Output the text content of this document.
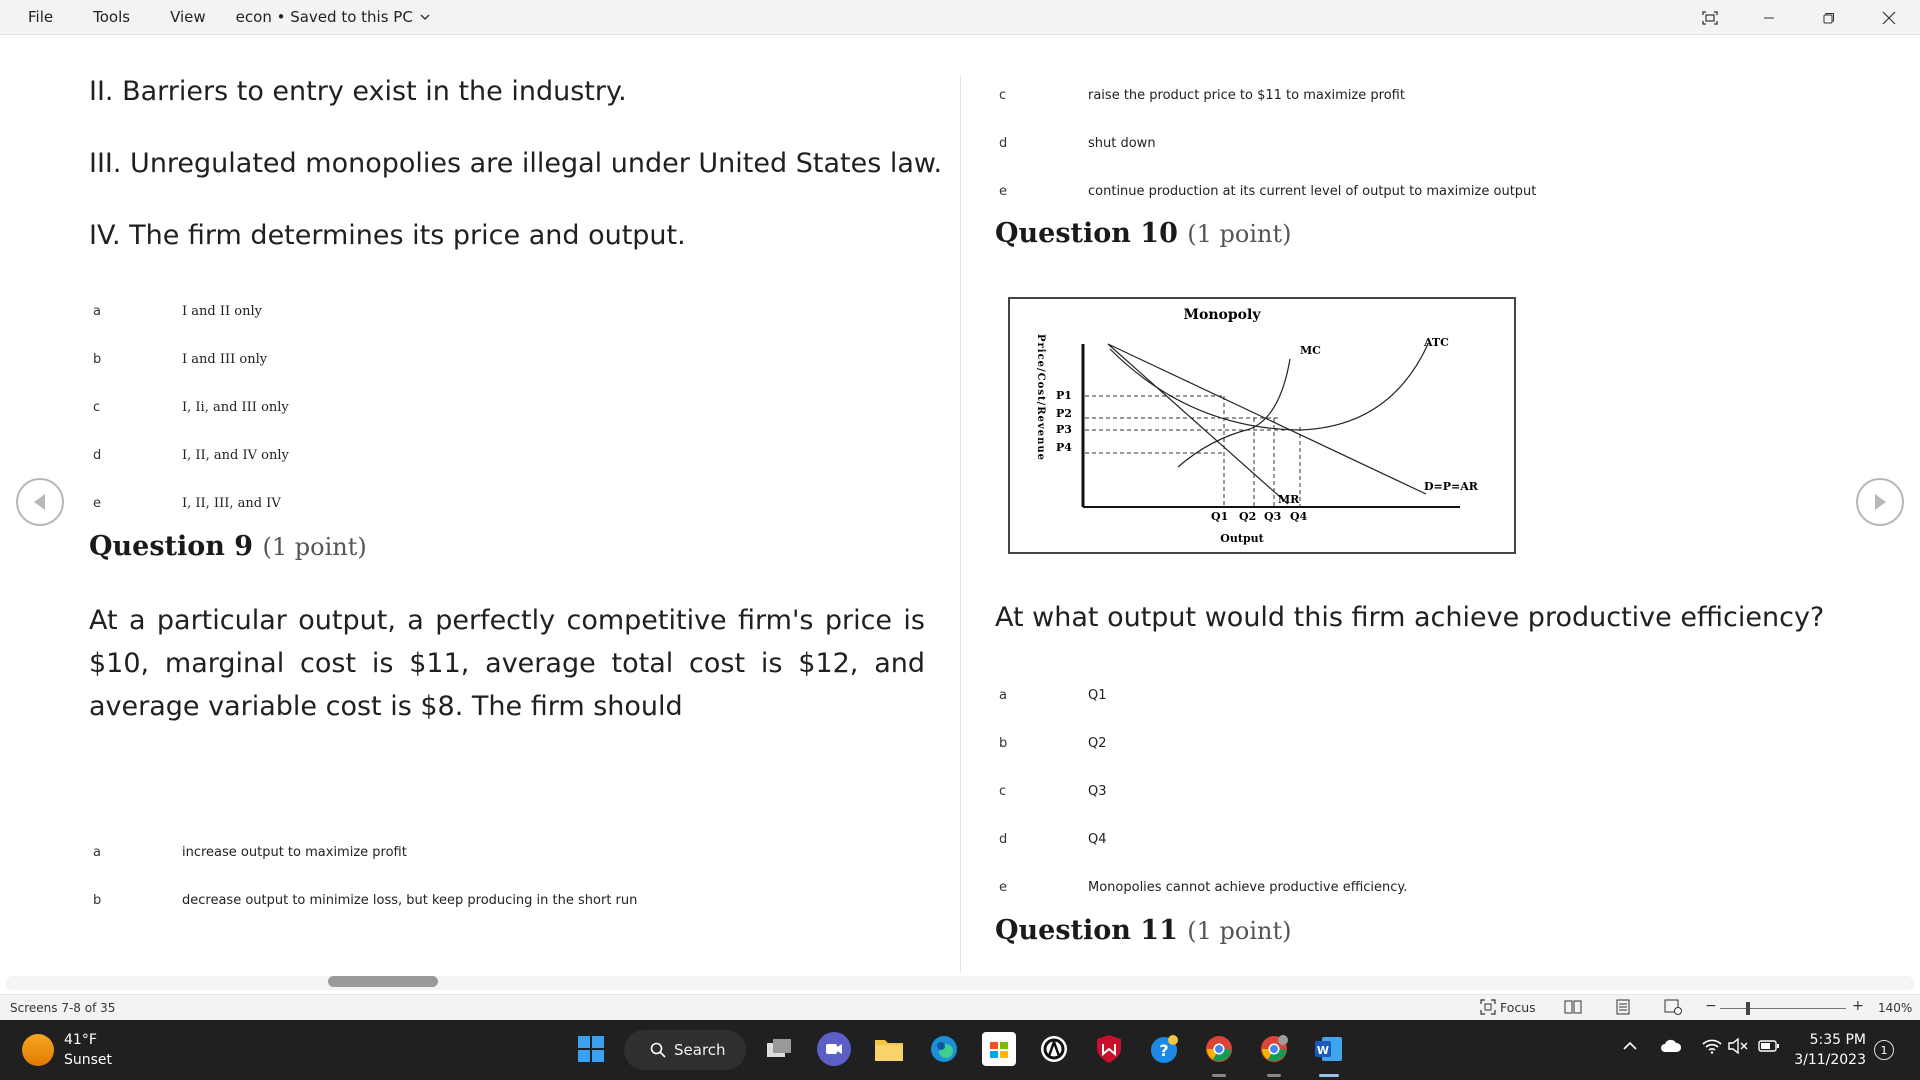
File	Tools	View	econ • Saved to this PC
II. Barriers to entry exist in the industry.
III. Unregulated monopolies are illegal under United States law.
IV. The firm determines its price and output.
a	I and II only
b	I and III only
c	I, Ii, and III only
d	I, II, and IV only
e	I, II, III, and IV
Question 9 (1 point)
At a particular output, a perfectly competitive firm's price is $10, marginal cost is $11, average total cost is $12, and average variable cost is $8. The firm should
a	increase output to maximize profit
b	decrease output to minimize loss, but keep producing in the short run
c	raise the product price to $11 to maximize profit
d	shut down
e	continue production at its current level of output to maximize output
Question 10 (1 point)
Monopoly
Price/Cost/Revenue P1
P2
P3
P4
MC
ATC
MR
D=P=AR
Q1 Q2 Q3 Q4
Output
At what output would this firm achieve productive efficiency?
a	Q1
b	Q2
c	Q3
d	Q4
e	Monopolies cannot achieve productive efficiency.
Question 11 (1 point)
Screens 7-8 of 35	Focus	−	+ 140%
41°F
Sunset
Search	?	W
5:35 PM
3/11/2023
1
